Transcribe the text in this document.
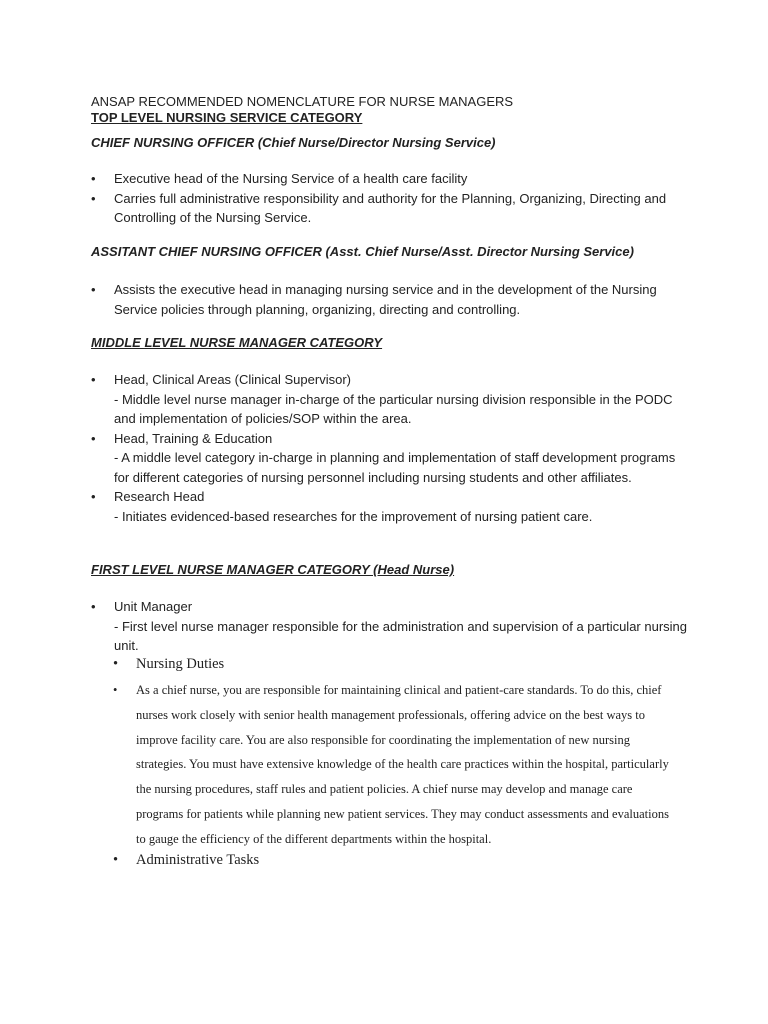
ANSAP RECOMMENDED NOMENCLATURE FOR NURSE MANAGERS

TOP LEVEL NURSING SERVICE CATEGORY

CHIEF NURSING OFFICER (Chief Nurse/Director Nursing Service)

• Executive head of the Nursing Service of a health care facility
• Carries full administrative responsibility and authority for the Planning, Organizing, Directing and Controlling of the Nursing Service.

ASSITANT CHIEF NURSING OFFICER (Asst. Chief Nurse/Asst. Director Nursing Service)

• Assists the executive head in managing nursing service and in the development of the Nursing Service policies through planning, organizing, directing and controlling.

MIDDLE LEVEL NURSE MANAGER CATEGORY

• Head, Clinical Areas (Clinical Supervisor)
- Middle level nurse manager in-charge of the particular nursing division responsible in the PODC and implementation of policies/SOP within the area.
• Head, Training & Education
- A middle level category in-charge in planning and implementation of staff development programs for different categories of nursing personnel including nursing students and other affiliates.
• Research Head
- Initiates evidenced-based researches for the improvement of nursing patient care.

FIRST LEVEL NURSE MANAGER CATEGORY (Head Nurse)

• Unit Manager
- First level nurse manager responsible for the administration and supervision of a particular nursing unit.
• Nursing Duties
• As a chief nurse, you are responsible for maintaining clinical and patient-care standards. To do this, chief nurses work closely with senior health management professionals, offering advice on the best ways to improve facility care. You are also responsible for coordinating the implementation of new nursing strategies. You must have extensive knowledge of the health care practices within the hospital, particularly the nursing procedures, staff rules and patient policies. A chief nurse may develop and manage care programs for patients while planning new patient services. They may conduct assessments and evaluations to gauge the efficiency of the different departments within the hospital.
• Administrative Tasks
